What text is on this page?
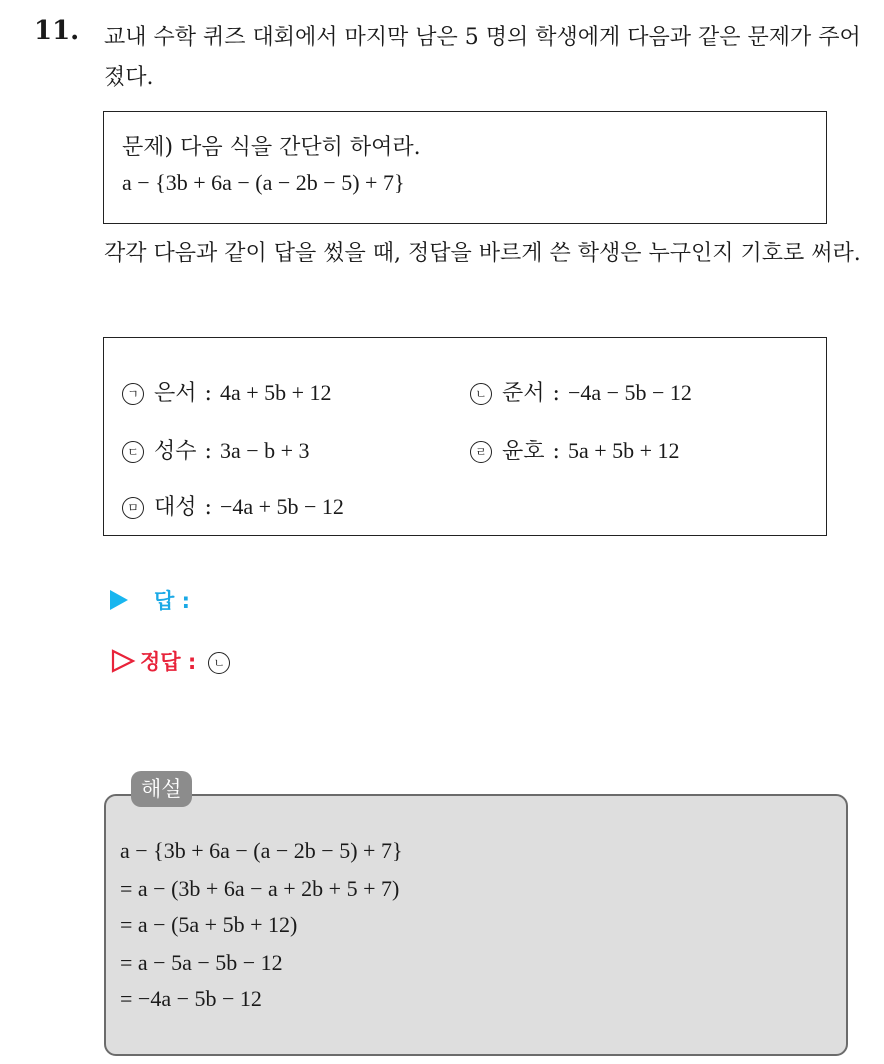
11. 교내 수학 퀴즈 대회에서 마지막 남은 5 명의 학생에게 다음과 같은 문제가 주어졌다.
문제) 다음 식을 간단히 하여라.
a − {3b + 6a − (a − 2b − 5) + 7}
각각 다음과 같이 답을 썼을 때, 정답을 바르게 쓴 학생은 누구인지 기호로 써라.
ㄱ 은서 : 4a + 5b + 12	ㄴ 준서 : −4a − 5b − 12
ㄷ 성수 : 3a − b + 3	ㄹ 윤호 : 5a + 5b + 12
ㅁ 대성 : −4a + 5b − 12
답 :
정답 : ㄴ
해설
a − {3b + 6a − (a − 2b − 5) + 7}
= a − (3b + 6a − a + 2b + 5 + 7)
= a − (5a + 5b + 12)
= a − 5a − 5b − 12
= −4a − 5b − 12
